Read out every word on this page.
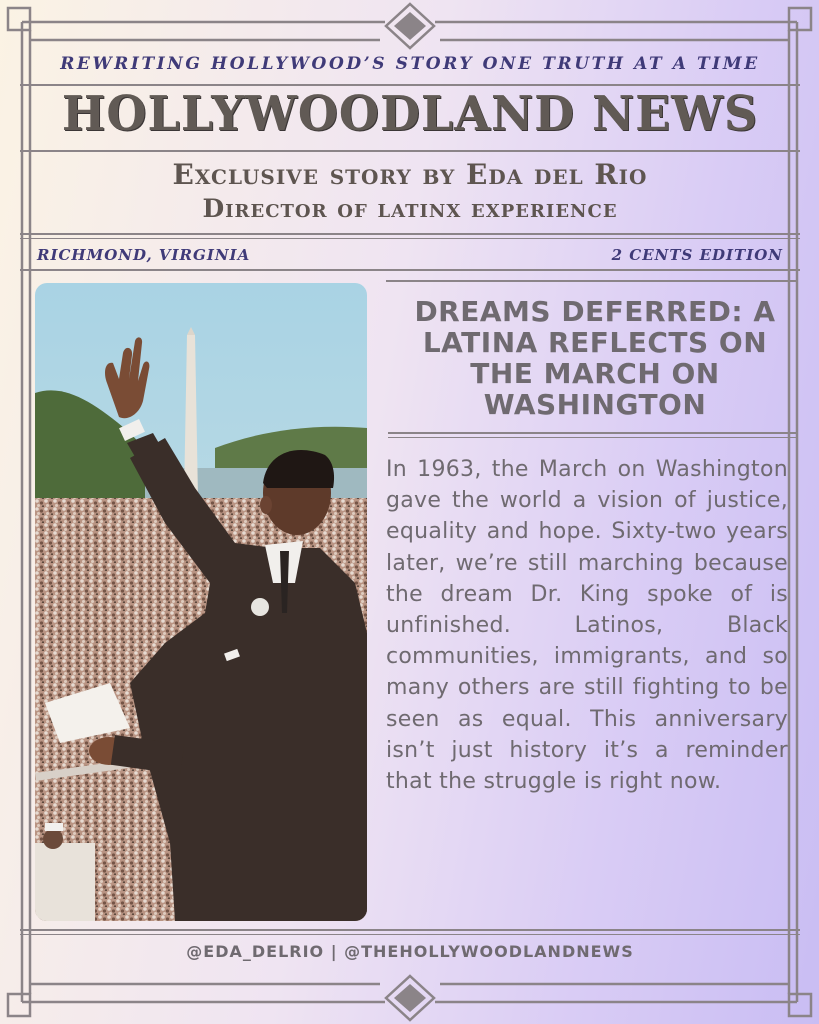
REWRITING HOLLYWOOD’S STORY ONE TRUTH AT A TIME
HOLLYWOODLAND NEWS
Exclusive story by Eda del Rio
Director of latinx experience
RICHMOND, VIRGINIA	2 CENTS EDITION
DREAMS DEFERRED: A LATINA REFLECTS ON THE MARCH ON WASHINGTON
In 1963, the March on Washington gave the world a vision of justice, equality and hope. Sixty-two years later, we’re still marching because the dream Dr. King spoke of is unfinished. Latinos, Black communities, immigrants, and so many others are still fighting to be seen as equal. This anniversary isn’t just history it’s a reminder that the struggle is right now.
@EDA_DELRIO | @THEHOLLYWOODLANDNEWS
